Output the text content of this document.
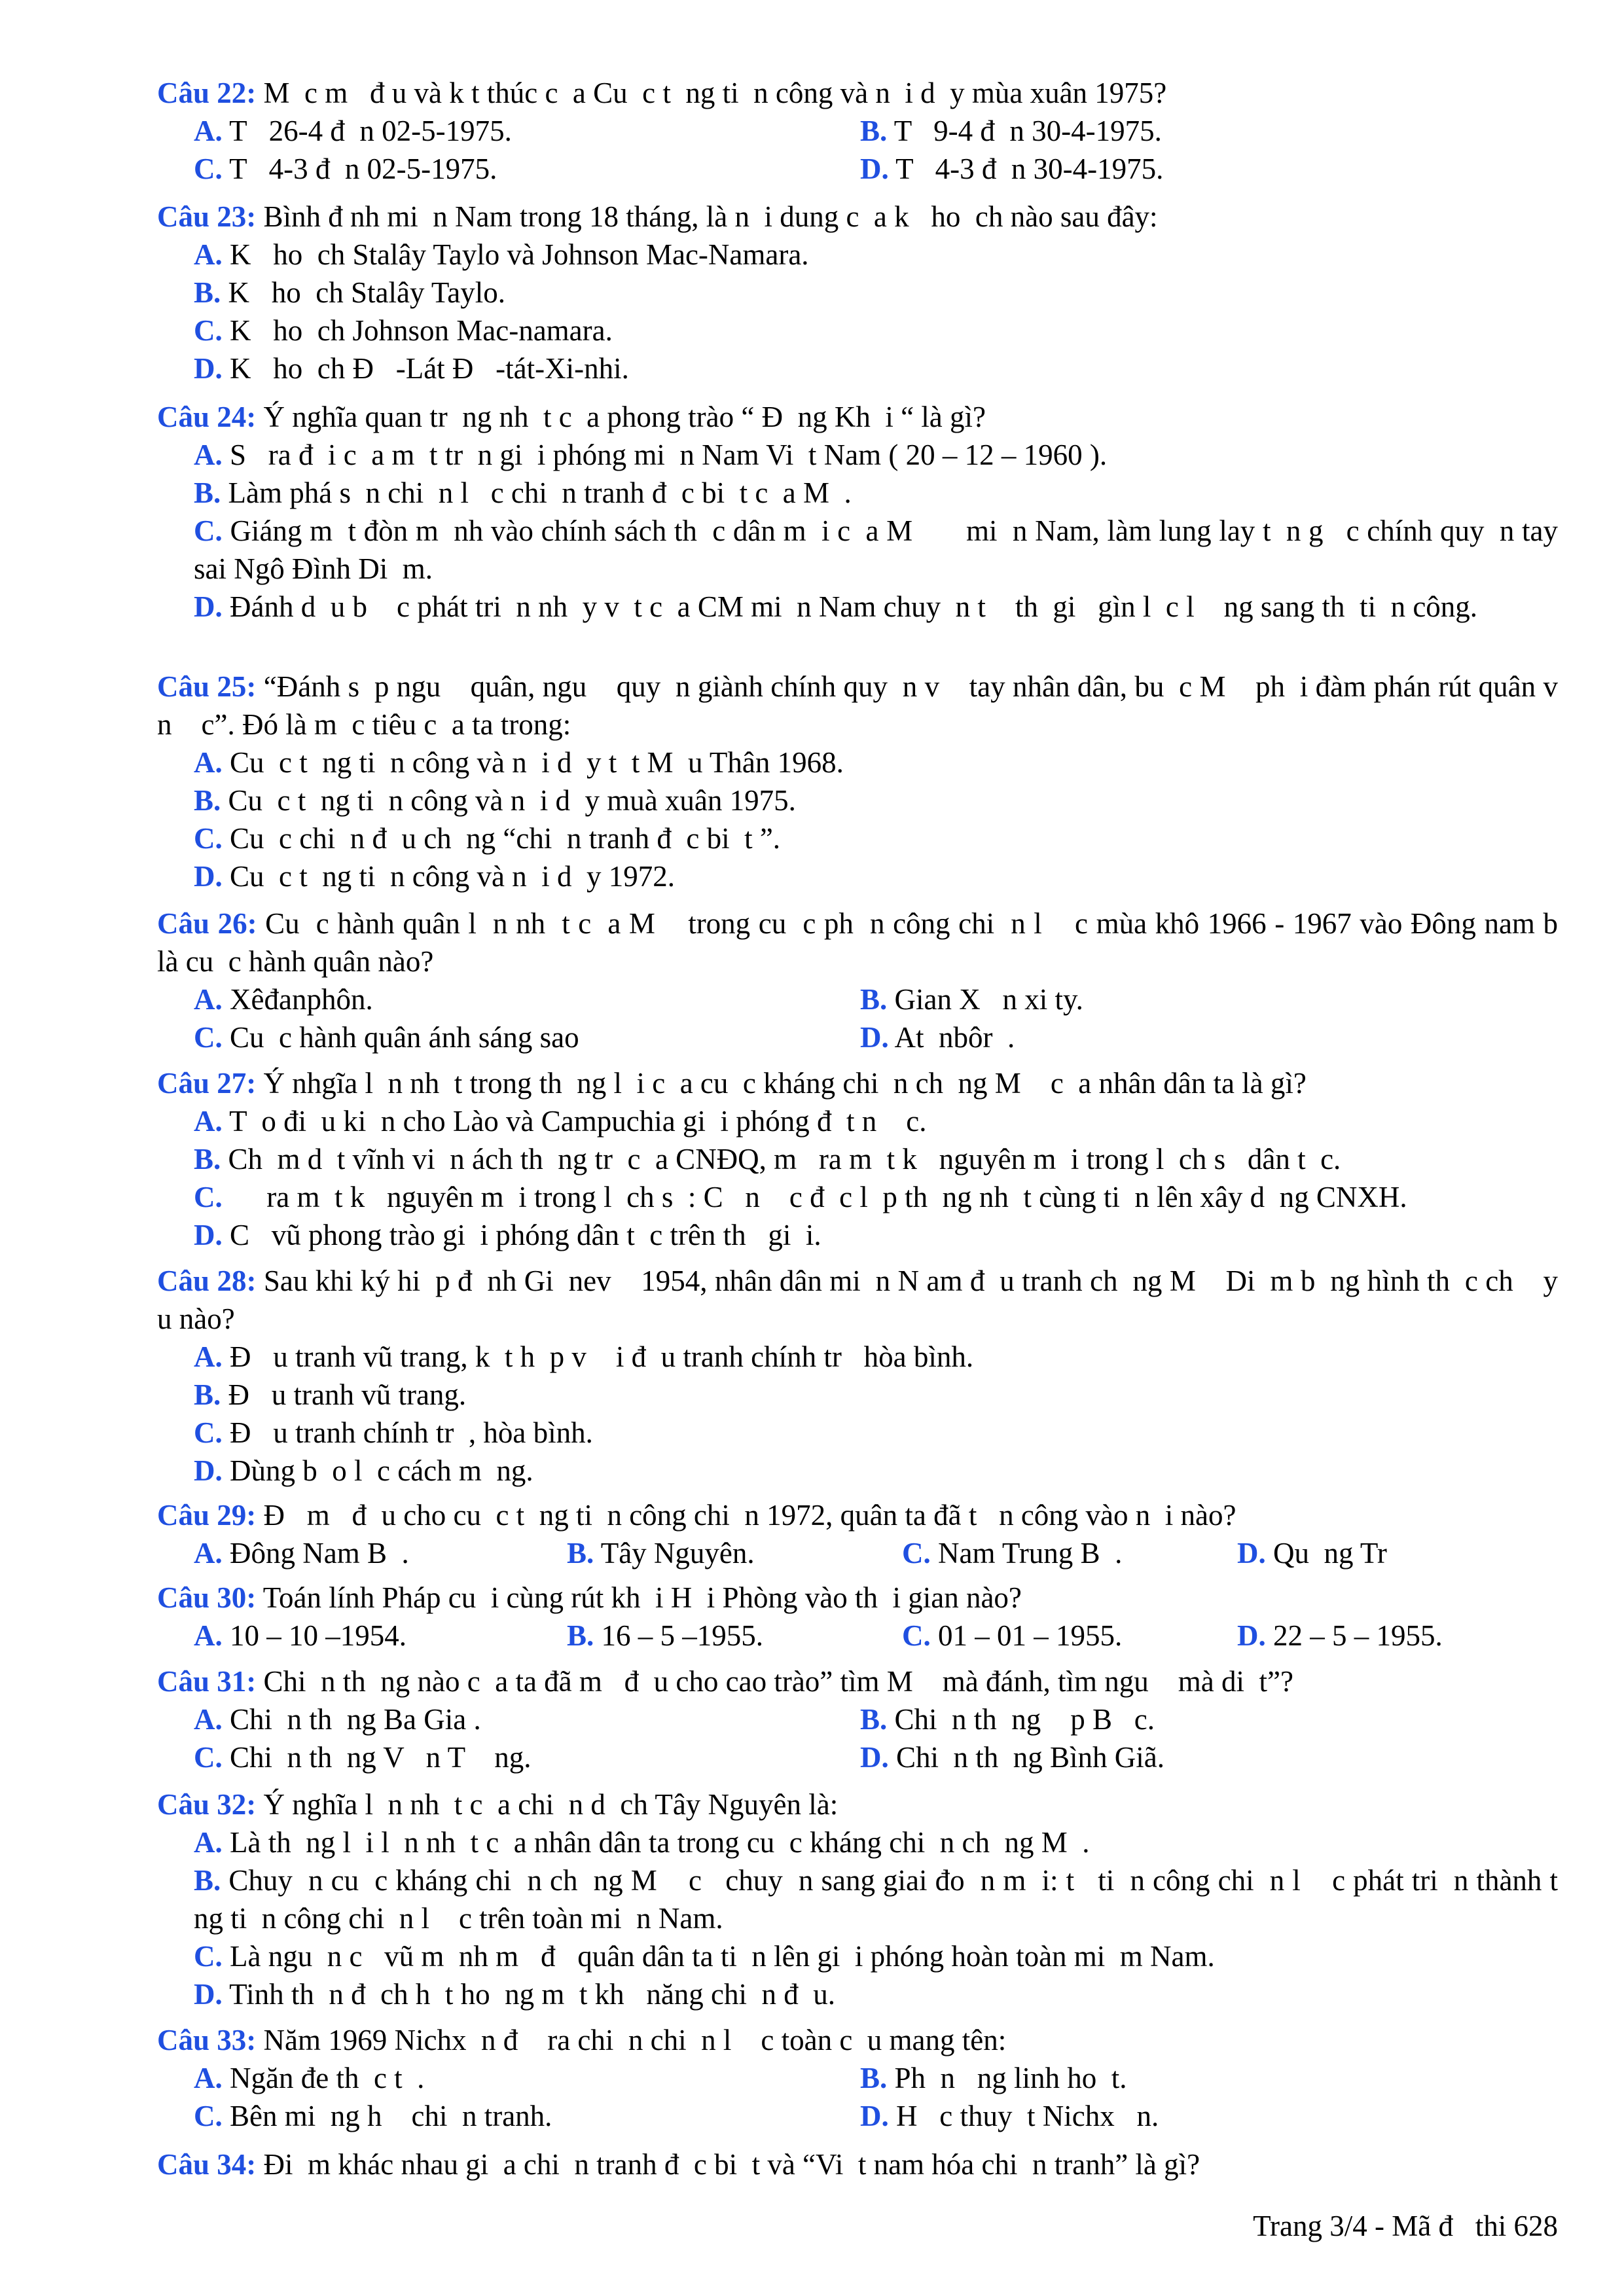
Câu 22: M  c m   đ u và k t thúc c  a Cu  c t  ng ti  n công và n  i d  y mùa xuân 1975?
A. T   26-4 đ  n 02-5-1975.	B. T   9-4 đ  n 30-4-1975.
C. T   4-3 đ  n 02-5-1975.	D. T   4-3 đ  n 30-4-1975.
Câu 23: Bình đ nh mi  n Nam trong 18 tháng, là n  i dung c  a k   ho  ch nào sau đây:
A. K   ho  ch Stalây Taylo và Johnson Mac-Namara.
B. K   ho  ch Stalây Taylo.
C. K   ho  ch Johnson Mac-namara.
D. K   ho  ch Đ   -Lát Đ   -tát-Xi-nhi.
Câu 24: Ý nghĩa quan tr  ng nh  t c  a phong trào “ Đ  ng Kh  i “ là gì?
A. S   ra đ  i c  a m  t tr  n gi  i phóng mi  n Nam Vi  t Nam ( 20 – 12 – 1960 ).
B. Làm phá s  n chi  n l   c chi  n tranh đ  c bi  t c  a M  .
C. Giáng m  t đòn m  nh vào chính sách th  c dân m  i c  a M       mi  n Nam, làm lung lay t  n g   c chính quy  n tay sai Ngô Đình Di  m.
D. Đánh d  u b    c phát tri  n nh  y v  t c  a CM mi  n Nam chuy  n t    th  gi   gìn l  c l    ng sang th  ti  n công.
Câu 25: “Đánh s  p ngu    quân, ngu    quy  n giành chính quy  n v    tay nhân dân, bu  c M    ph  i đàm phán rút quân v    n    c”. Đó là m  c tiêu c  a ta trong:
A. Cu  c t  ng ti  n công và n  i d  y t  t M  u Thân 1968.
B. Cu  c t  ng ti  n công và n  i d  y muà xuân 1975.
C. Cu  c chi  n đ  u ch  ng “chi  n tranh đ  c bi  t ”.
D. Cu  c t  ng ti  n công và n  i d  y 1972.
Câu 26: Cu  c hành quân l  n nh  t c  a M    trong cu  c ph  n công chi  n l    c mùa khô 1966 - 1967 vào Đông nam b   là cu  c hành quân nào?
A. Xêđanphôn.	B. Gian X   n xi ty.
C. Cu  c hành quân ánh sáng sao	D. At  nbôr  .
Câu 27: Ý nhgĩa l  n nh  t trong th  ng l  i c  a cu  c kháng chi  n ch  ng M    c  a nhân dân ta là gì?
A. T  o đi  u ki  n cho Lào và Campuchia gi  i phóng đ  t n    c.
B. Ch  m d  t vĩnh vi  n ách th  ng tr  c  a CNĐQ, m   ra m  t k   nguyên m  i trong l  ch s   dân t  c.
C.      ra m  t k   nguyên m  i trong l  ch s  : C   n    c đ  c l  p th  ng nh  t cùng ti  n lên xây d  ng CNXH.
D. C   vũ phong trào gi  i phóng dân t  c trên th   gi  i.
Câu 28: Sau khi ký hi  p đ  nh Gi  nev    1954, nhân dân mi  n N am đ  u tranh ch  ng M    Di  m b  ng hình th  c ch    y u nào?
A. Đ   u tranh vũ trang, k  t h  p v    i đ  u tranh chính tr   hòa bình.
B. Đ   u tranh vũ trang.
C. Đ   u tranh chính tr  , hòa bình.
D. Dùng b  o l  c cách m  ng.
Câu 29: Đ   m   đ  u cho cu  c t  ng ti  n công chi  n 1972, quân ta đã t   n công vào n  i nào?
A. Đông Nam B  .	B. Tây Nguyên.	C. Nam Trung B  .	D. Qu  ng Tr
Câu 30: Toán lính Pháp cu  i cùng rút kh  i H  i Phòng vào th  i gian nào?
A. 10 – 10 –1954.	B. 16 – 5 –1955.	C. 01 – 01 – 1955.	D. 22 – 5 – 1955.
Câu 31: Chi  n th  ng nào c  a ta đã m   đ  u cho cao trào” tìm M    mà đánh, tìm ngu    mà di  t”?
A. Chi  n th  ng Ba Gia .	B. Chi  n th  ng    p B   c.
C. Chi  n th  ng V   n T    ng.	D. Chi  n th  ng Bình Giã.
Câu 32: Ý nghĩa l  n nh  t c  a chi  n d  ch Tây Nguyên là:
A. Là th  ng l  i l  n nh  t c  a nhân dân ta trong cu  c kháng chi  n ch  ng M  .
B. Chuy  n cu  c kháng chi  n ch  ng M    c   chuy  n sang giai đo  n m  i: t   ti  n công chi  n l    c phát tri  n thành t  ng ti  n công chi  n l    c trên toàn mi  n Nam.
C. Là ngu  n c   vũ m  nh m   đ   quân dân ta ti  n lên gi  i phóng hoàn toàn mi  m Nam.
D. Tinh th  n đ  ch h  t ho  ng m  t kh   năng chi  n đ  u.
Câu 33: Năm 1969 Nichx  n đ    ra chi  n chi  n l    c toàn c  u mang tên:
A. Ngăn đe th  c t  .	B. Ph  n   ng linh ho  t.
C. Bên mi  ng h    chi  n tranh.	D. H   c thuy  t Nichx   n.
Câu 34: Đi  m khác nhau gi  a chi  n tranh đ  c bi  t và “Vi  t nam hóa chi  n tranh” là gì?
Trang 3/4 - Mã đ   thi 628
